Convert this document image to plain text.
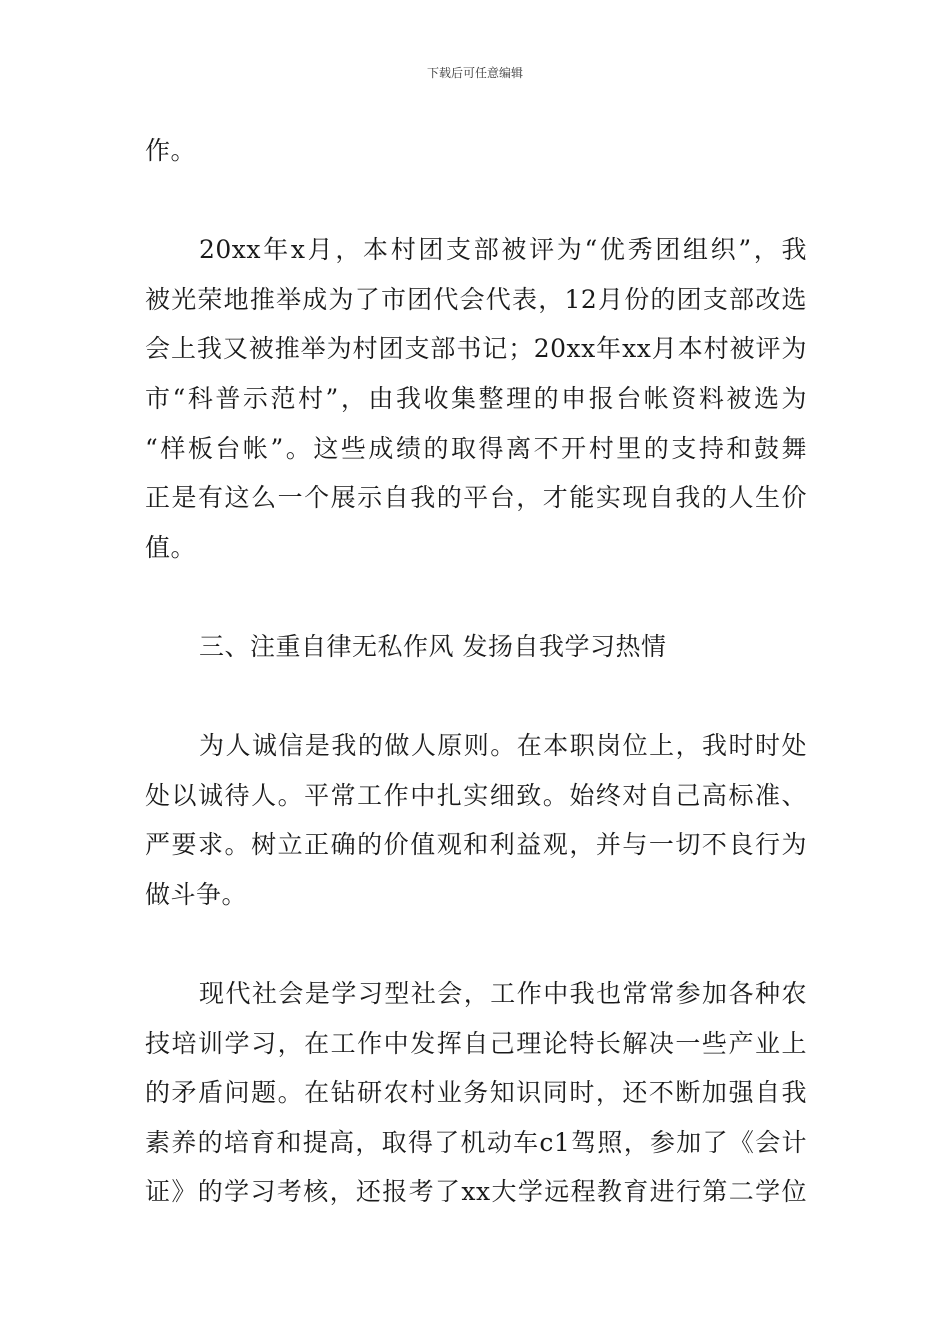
下载后可任意编辑
作。
20xx年x月，本村团支部被评为“优秀团组织”，我
被光荣地推举成为了市团代会代表，12月份的团支部改选
会上我又被推举为村团支部书记；20xx年xx月本村被评为
市“科普示范村”，由我收集整理的申报台帐资料被选为
“样板台帐”。这些成绩的取得离不开村里的支持和鼓舞
正是有这么一个展示自我的平台，才能实现自我的人生价
值。
三、注重自律无私作风 发扬自我学习热情
为人诚信是我的做人原则。在本职岗位上，我时时处
处以诚待人。平常工作中扎实细致。始终对自己高标准、
严要求。树立正确的价值观和利益观，并与一切不良行为
做斗争。
现代社会是学习型社会，工作中我也常常参加各种农
技培训学习，在工作中发挥自己理论特长解决一些产业上
的矛盾问题。在钻研农村业务知识同时，还不断加强自我
素养的培育和提高，取得了机动车c1驾照，参加了《会计
证》的学习考核，还报考了xx大学远程教育进行第二学位
